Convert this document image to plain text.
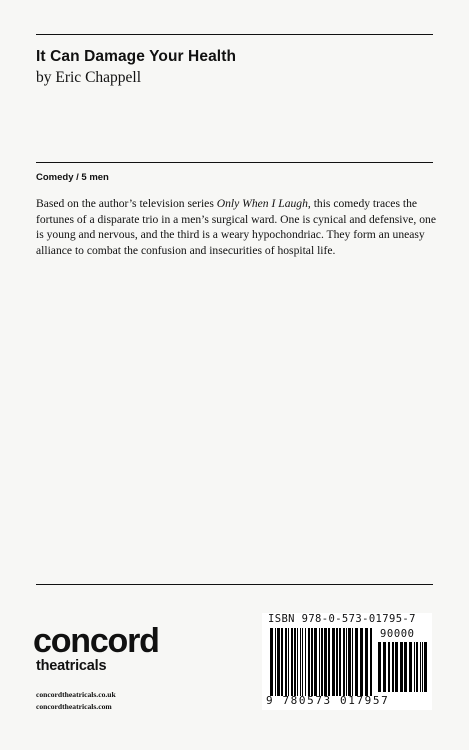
It Can Damage Your Health
by Eric Chappell
Comedy / 5 men
Based on the author’s television series Only When I Laugh, this comedy traces the fortunes of a disparate trio in a men’s surgical ward. One is cynical and defensive, one is young and nervous, and the third is a weary hypochondriac. They form an uneasy alliance to combat the confusion and insecurities of hospital life.
concord
theatricals
concordtheatricals.co.uk
concordtheatricals.com
ISBN 978-0-573-01795-7
90000
9 780573 017957
